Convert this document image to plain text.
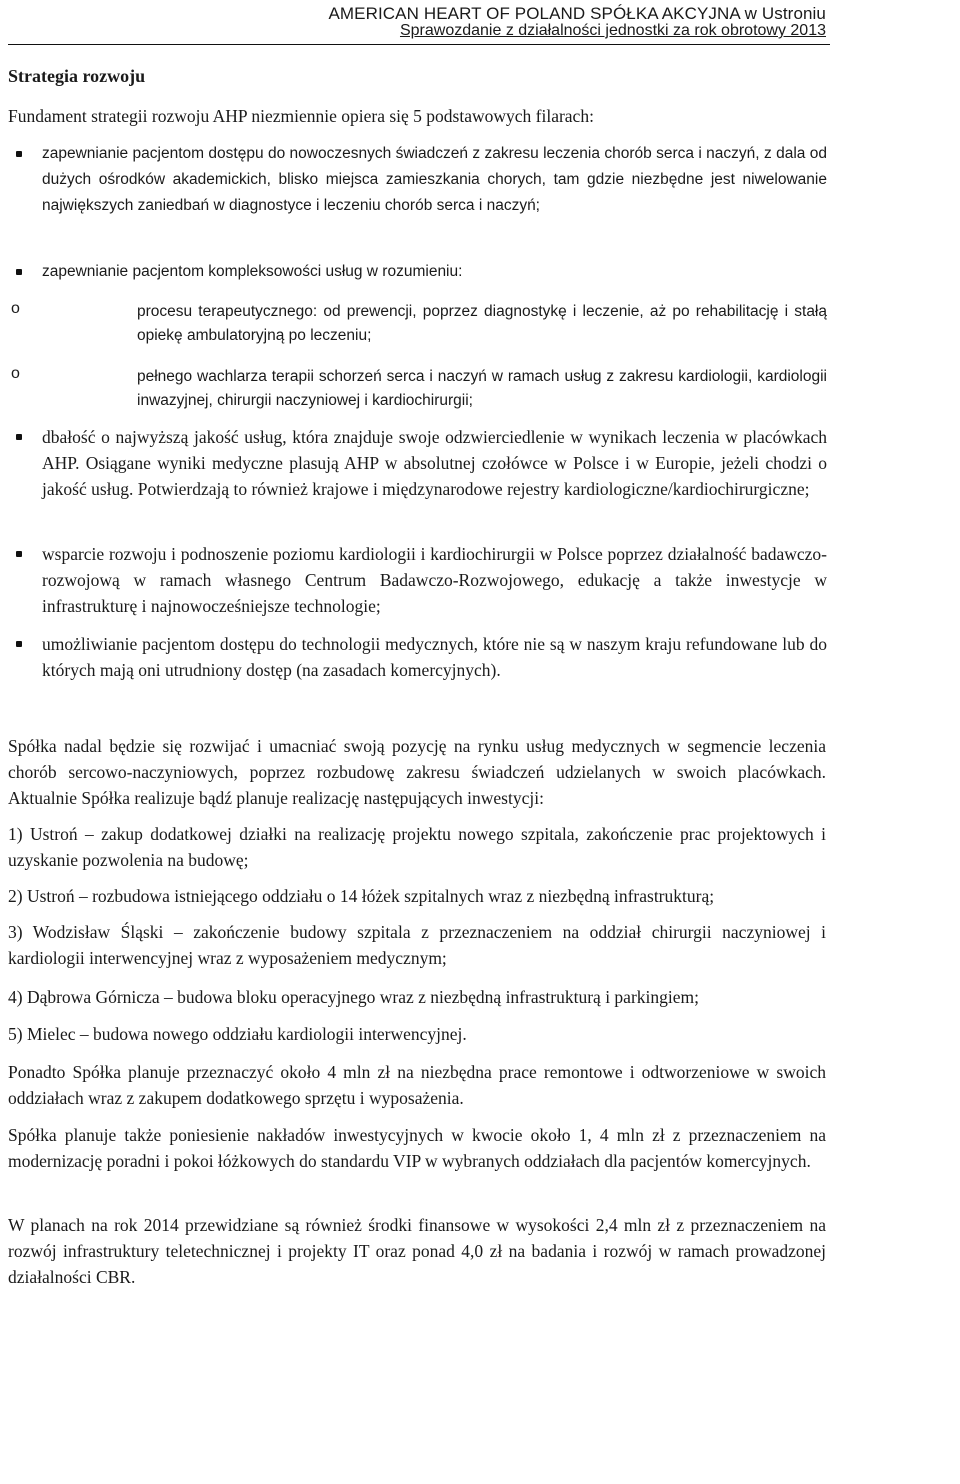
AMERICAN HEART OF POLAND SPÓŁKA AKCYJNA w Ustroniu
Sprawozdanie z działalności jednostki za rok obrotowy 2013
Strategia rozwoju
Fundament strategii rozwoju AHP niezmiennie opiera się 5 podstawowych filarach:
zapewnianie pacjentom dostępu do nowoczesnych świadczeń z zakresu leczenia chorób serca i naczyń, z dala od dużych ośrodków akademickich, blisko miejsca zamieszkania chorych, tam gdzie niezbędne jest niwelowanie największych zaniedbań w diagnostyce i leczeniu chorób serca i naczyń;
zapewnianie pacjentom kompleksowości usług w rozumieniu:
o	procesu terapeutycznego: od prewencji, poprzez diagnostykę i leczenie, aż po rehabilitację i stałą opiekę ambulatoryjną po leczeniu;
o	pełnego wachlarza terapii schorzeń serca i naczyń w ramach usług z zakresu kardiologii, kardiologii inwazyjnej, chirurgii naczyniowej i kardiochirurgii;
dbałość o najwyższą jakość usług, która znajduje swoje odzwierciedlenie w wynikach leczenia w placówkach AHP. Osiągane wyniki medyczne plasują AHP w absolutnej czołówce w Polsce i w Europie, jeżeli chodzi o jakość usług. Potwierdzają to również krajowe i międzynarodowe rejestry kardiologiczne/kardiochirurgiczne;
wsparcie rozwoju i podnoszenie poziomu kardiologii i kardiochirurgii w Polsce poprzez działalność badawczo-rozwojową w ramach własnego Centrum Badawczo-Rozwojowego, edukację a także inwestycje w infrastrukturę i najnowocześniejsze technologie;
umożliwianie pacjentom dostępu do technologii medycznych, które nie są w naszym kraju refundowane lub do których mają oni utrudniony dostęp (na zasadach komercyjnych).
Spółka nadal będzie się rozwijać i umacniać swoją pozycję na rynku usług medycznych w segmencie leczenia chorób sercowo-naczyniowych, poprzez rozbudowę zakresu świadczeń udzielanych w swoich placówkach. Aktualnie Spółka realizuje bądź planuje realizację następujących inwestycji:
1) Ustroń – zakup dodatkowej działki na realizację projektu nowego szpitala, zakończenie prac projektowych i uzyskanie pozwolenia na budowę;
2) Ustroń – rozbudowa istniejącego oddziału o 14 łóżek szpitalnych wraz z niezbędną infrastrukturą;
3) Wodzisław Śląski – zakończenie budowy szpitala z przeznaczeniem na oddział chirurgii naczyniowej i kardiologii interwencyjnej wraz z wyposażeniem medycznym;
4) Dąbrowa Górnicza – budowa bloku operacyjnego wraz z niezbędną infrastrukturą i parkingiem;
5) Mielec – budowa nowego oddziału kardiologii interwencyjnej.
Ponadto Spółka planuje przeznaczyć około 4 mln zł na niezbędna prace remontowe i odtworzeniowe w swoich oddziałach wraz z zakupem dodatkowego sprzętu i wyposażenia.
Spółka planuje także poniesienie nakładów inwestycyjnych w kwocie około 1, 4 mln zł z przeznaczeniem na modernizację poradni i pokoi łóżkowych do standardu VIP w wybranych oddziałach dla pacjentów komercyjnych.
W planach na rok 2014 przewidziane są również środki finansowe w wysokości 2,4 mln zł z przeznaczeniem na rozwój infrastruktury teletechnicznej i projekty IT oraz ponad 4,0 zł na badania i rozwój w ramach prowadzonej działalności CBR.
